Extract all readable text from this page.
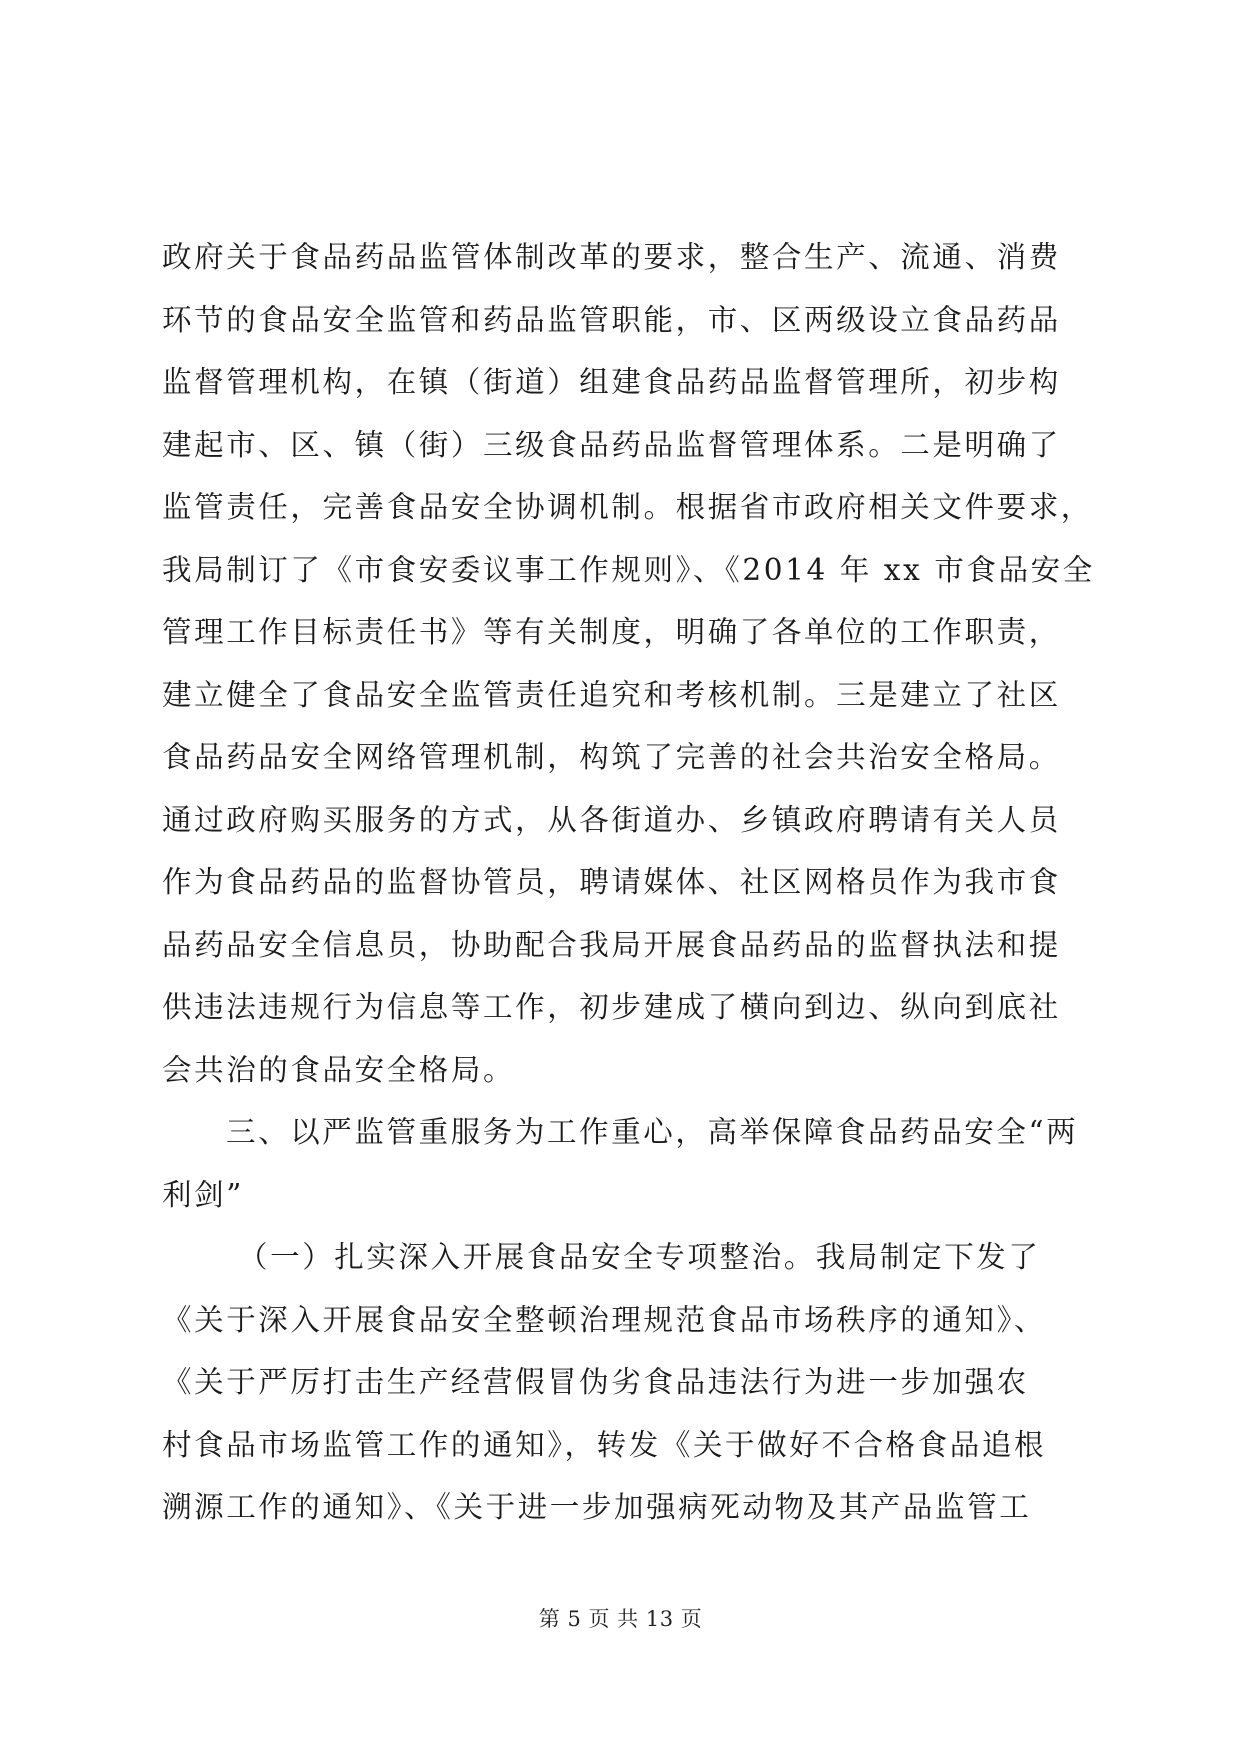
政府关于食品药品监管体制改革的要求，整合生产、流通、消费
环节的食品安全监管和药品监管职能，市、区两级设立食品药品
监督管理机构，在镇（街道）组建食品药品监督管理所，初步构
建起市、区、镇（街）三级食品药品监督管理体系。二是明确了
监管责任，完善食品安全协调机制。根据省市政府相关文件要求，
我局制订了《市食安委议事工作规则》、《2014 年 xx 市食品安全
管理工作目标责任书》等有关制度，明确了各单位的工作职责，
建立健全了食品安全监管责任追究和考核机制。三是建立了社区
食品药品安全网络管理机制，构筑了完善的社会共治安全格局。
通过政府购买服务的方式，从各街道办、乡镇政府聘请有关人员
作为食品药品的监督协管员，聘请媒体、社区网格员作为我市食
品药品安全信息员，协助配合我局开展食品药品的监督执法和提
供违法违规行为信息等工作，初步建成了横向到边、纵向到底社
会共治的食品安全格局。
三、以严监管重服务为工作重心，高举保障食品药品安全“两
利剑”
（一）扎实深入开展食品安全专项整治。我局制定下发了
《关于深入开展食品安全整顿治理规范食品市场秩序的通知》、
《关于严厉打击生产经营假冒伪劣食品违法行为进一步加强农
村食品市场监管工作的通知》，转发《关于做好不合格食品追根
溯源工作的通知》、《关于进一步加强病死动物及其产品监管工
第 5 页 共 13 页
